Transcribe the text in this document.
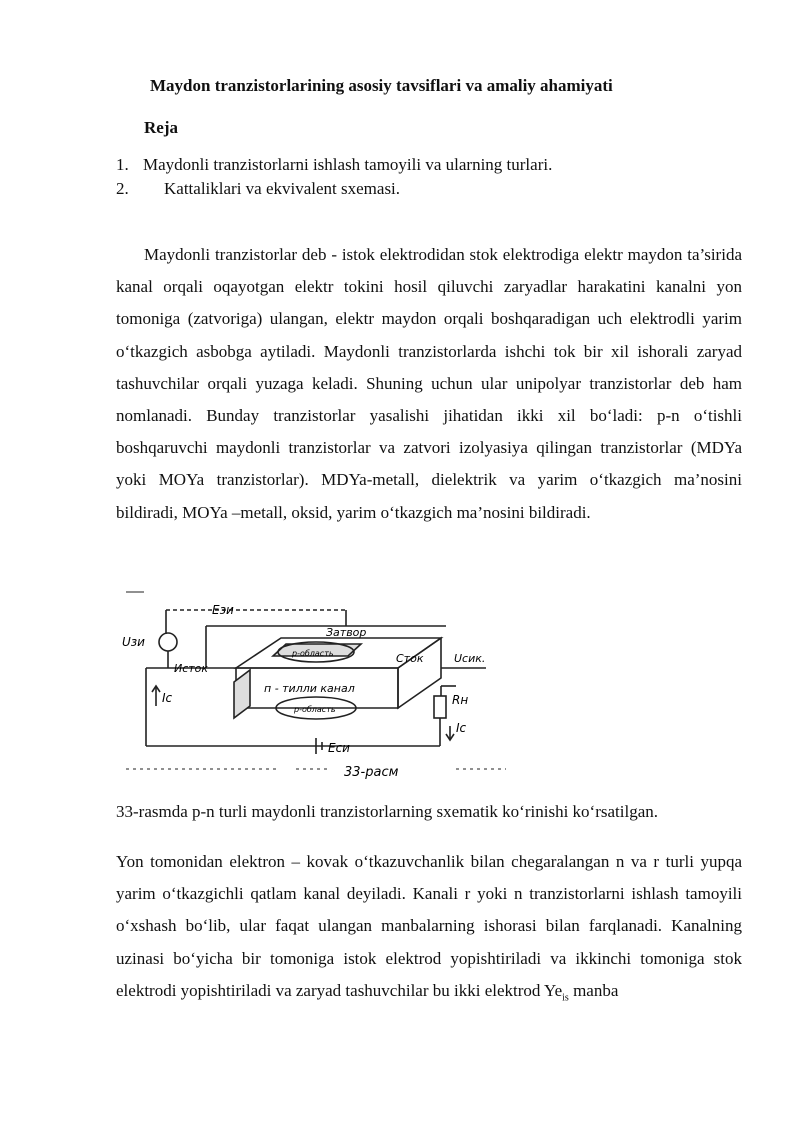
Maydon tranzistorlarining asosiy tavsiflari va amaliy ahamiyati
Reja
1. Maydonli tranzistorlarni ishlash tamoyili va ularning turlari.
2. Kattaliklari va ekvivalent sxemasi.

Maydonli tranzistorlar deb - istok elektrodidan stok elektrodiga elektr maydon ta’sirida kanal orqali oqayotgan elektr tokini hosil qiluvchi zaryadlar harakatini kanalni yon tomoniga (zatvoriga) ulangan, elektr maydon orqali boshqaradigan uch elektrodli yarim o‘tkazgich asbobga aytiladi. Maydonli tranzistorlarda ishchi tok bir xil ishorali zaryad tashuvchilar orqali yuzaga keladi. Shuning uchun ular unipolyar tranzistorlar deb ham nomlanadi. Bunday tranzistorlar yasalishi jihatidan ikki xil bo‘ladi: p-n o‘tishli boshqaruvchi maydonli tranzistorlar va zatvori izolyasiya qilingan tranzistorlar (MDYa yoki MOYa tranzistorlar). MDYa-metall, dielektrik va yarim o‘tkazgich ma’nosini bildiradi, MOYa –metall, oksid, yarim o‘tkazgich ma’nosini bildiradi.

Eзи
Uзи
Затвор
р-область
Исток
Сток	Uсик.
Ic
п - тилли канал
р-область
Rн
Ic
Eси
33-расм
33-rasmda p-n turli maydonli tranzistorlarning sxematik ko‘rinishi ko‘rsatilgan.

Yon tomonidan elektron – kovak o‘tkazuvchanlik bilan chegaralangan n va r turli yupqa yarim o‘tkazgichli qatlam kanal deyiladi. Kanali r yoki n tranzistorlarni ishlash tamoyili o‘xshash bo‘lib, ular faqat ulangan manbalarning ishorasi bilan farqlanadi. Kanalning uzinasi bo‘yicha bir tomoniga istok elektrod yopishtiriladi va ikkinchi tomoniga stok elektrodi yopishtiriladi va zaryad tashuvchilar bu ikki elektrod $Ye_{is}$ manba
